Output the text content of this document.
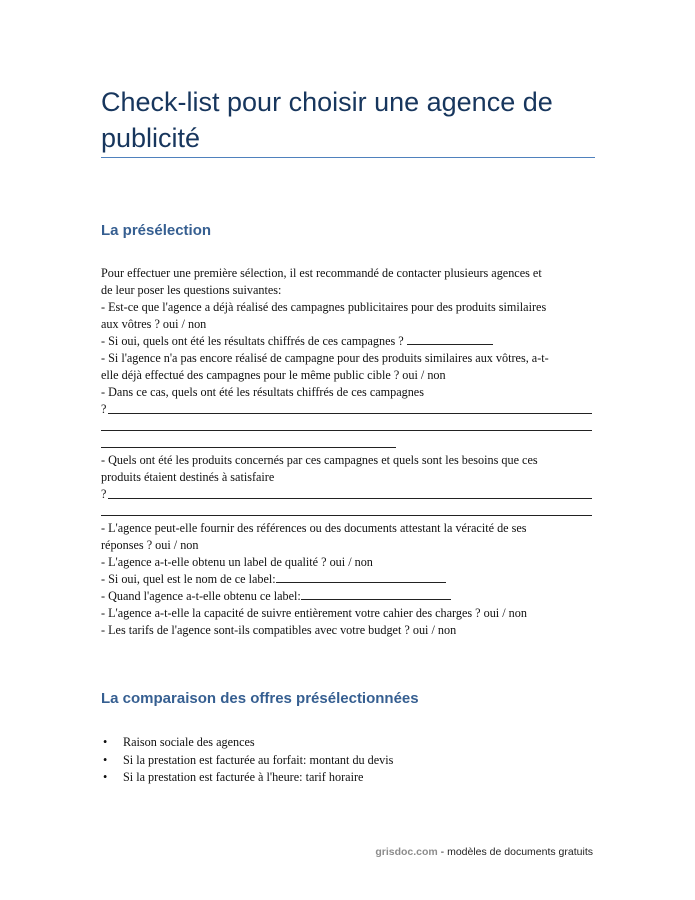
Check-list pour choisir une agence de publicité
La présélection
Pour effectuer une première sélection, il est recommandé de contacter plusieurs agences et
de leur poser les questions suivantes:
- Est-ce que l'agence a déjà réalisé des campagnes publicitaires pour des produits similaires
aux vôtres ? oui / non
- Si oui, quels ont été les résultats chiffrés de ces campagnes ?
- Si l'agence n'a pas encore réalisé de campagne pour des produits similaires aux vôtres, a-t-
elle déjà effectué des campagnes pour le même public cible ? oui / non
- Dans ce cas, quels ont été les résultats chiffrés de ces campagnes
?
- Quels ont été les produits concernés par ces campagnes et quels sont les besoins que ces
produits étaient destinés à satisfaire
?
- L'agence peut-elle fournir des références ou des documents attestant la véracité de ses
réponses ? oui / non
- L'agence a-t-elle obtenu un label de qualité ? oui / non
- Si oui, quel est le nom de ce label:
- Quand l'agence a-t-elle obtenu ce label:
- L'agence a-t-elle la capacité de suivre entièrement votre cahier des charges ? oui / non
- Les tarifs de l'agence sont-ils compatibles avec votre budget ? oui / non
La comparaison des offres présélectionnées
• Raison sociale des agences
• Si la prestation est facturée au forfait: montant du devis
• Si la prestation est facturée à l'heure: tarif horaire
grisdoc.com - modèles de documents gratuits
